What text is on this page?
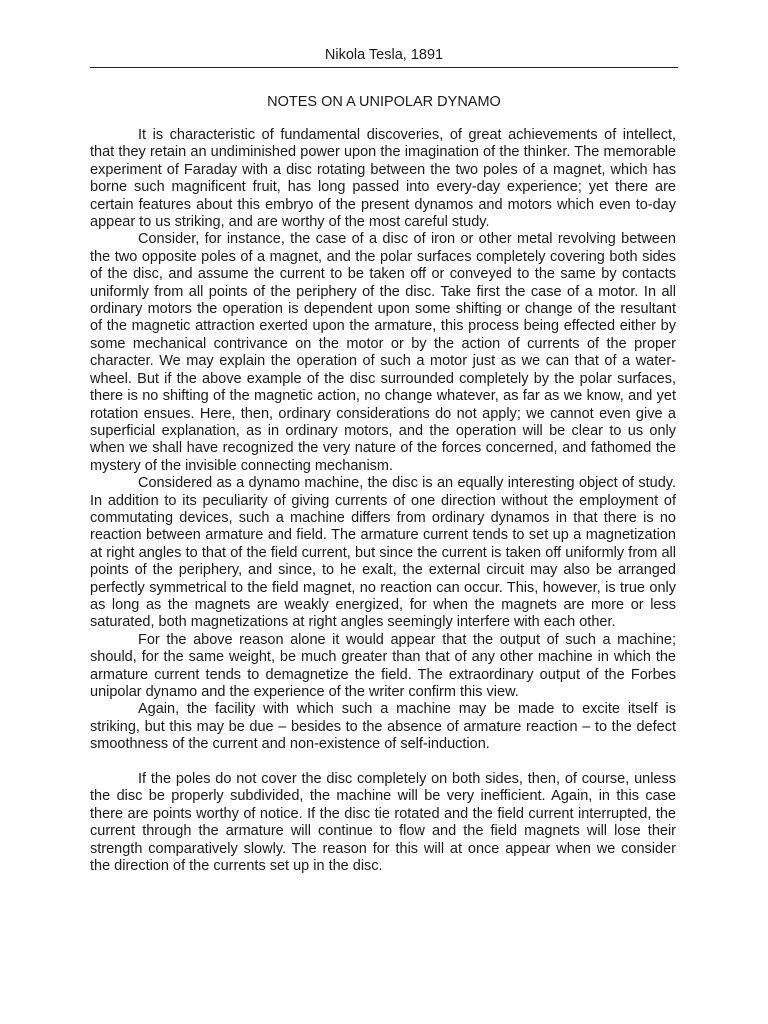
Nikola Tesla, 1891
NOTES ON A UNIPOLAR DYNAMO

It is characteristic of fundamental discoveries, of great achievements of intellect, that they retain an undiminished power upon the imagination of the thinker. The memorable experiment of Faraday with a disc rotating between the two poles of a magnet, which has borne such magnificent fruit, has long passed into every-day experience; yet there are certain features about this embryo of the present dynamos and motors which even to-day appear to us striking, and are worthy of the most careful study.

Consider, for instance, the case of a disc of iron or other metal revolving between the two opposite poles of a magnet, and the polar surfaces completely covering both sides of the disc, and assume the current to be taken off or conveyed to the same by contacts uniformly from all points of the periphery of the disc. Take first the case of a motor. In all ordinary motors the operation is dependent upon some shifting or change of the resultant of the magnetic attraction exerted upon the armature, this process being effected either by some mechanical contrivance on the motor or by the action of currents of the proper character. We may explain the operation of such a motor just as we can that of a water-wheel. But if the above example of the disc surrounded completely by the polar surfaces, there is no shifting of the magnetic action, no change whatever, as far as we know, and yet rotation ensues. Here, then, ordinary considerations do not apply; we cannot even give a superficial explanation, as in ordinary motors, and the operation will be clear to us only when we shall have recognized the very nature of the forces concerned, and fathomed the mystery of the invisible connecting mechanism.

Considered as a dynamo machine, the disc is an equally interesting object of study. In addition to its peculiarity of giving currents of one direction without the employment of commutating devices, such a machine differs from ordinary dynamos in that there is no reaction between armature and field. The armature current tends to set up a magnetization at right angles to that of the field current, but since the current is taken off uniformly from all points of the periphery, and since, to he exalt, the external circuit may also be arranged perfectly symmetrical to the field magnet, no reaction can occur. This, however, is true only as long as the magnets are weakly energized, for when the magnets are more or less saturated, both magnetizations at right angles seemingly interfere with each other.

For the above reason alone it would appear that the output of such a machine; should, for the same weight, be much greater than that of any other machine in which the armature current tends to demagnetize the field. The extraordinary output of the Forbes unipolar dynamo and the experience of the writer confirm this view.

Again, the facility with which such a machine may be made to excite itself is striking, but this may be due – besides to the absence of armature reaction – to the defect smoothness of the current and non-existence of self-induction.

If the poles do not cover the disc completely on both sides, then, of course, unless the disc be properly subdivided, the machine will be very inefficient. Again, in this case there are points worthy of notice. If the disc tie rotated and the field current interrupted, the current through the armature will continue to flow and the field magnets will lose their strength comparatively slowly. The reason for this will at once appear when we consider the direction of the currents set up in the disc.
